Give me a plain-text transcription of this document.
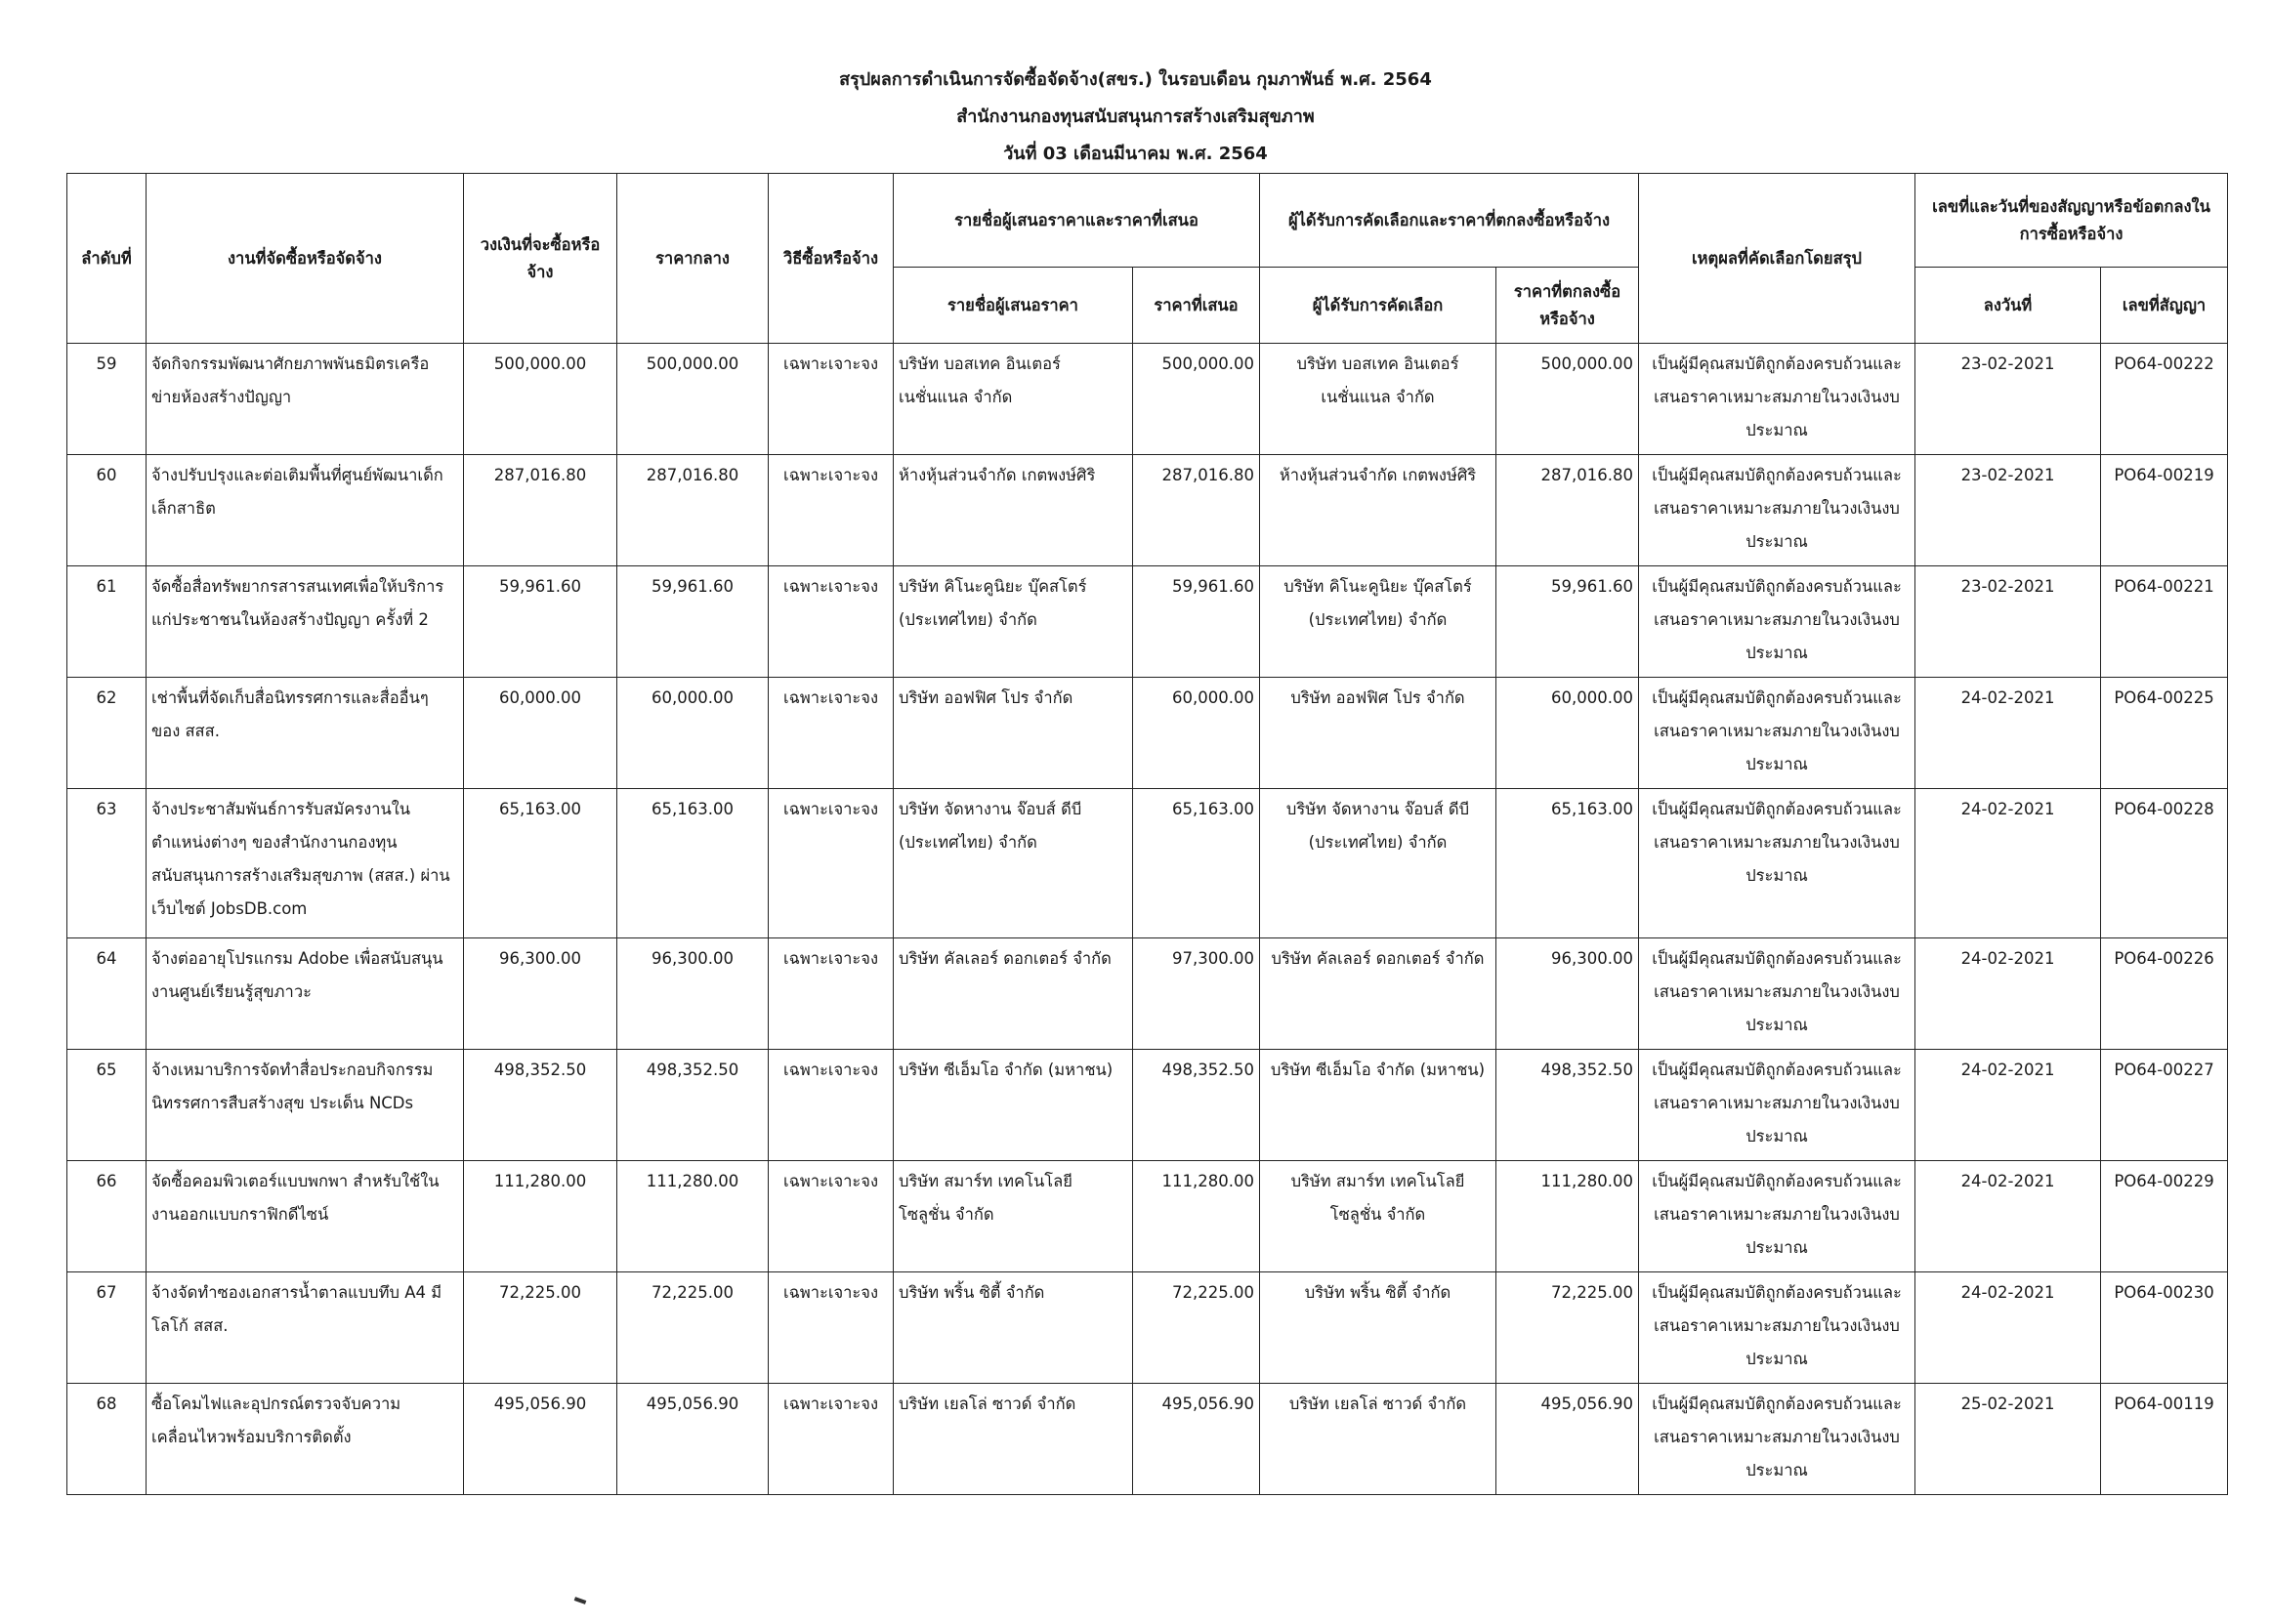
สรุปผลการดำเนินการจัดซื้อจัดจ้าง(สขร.) ในรอบเดือน กุมภาพันธ์ พ.ศ. 2564
สำนักงานกองทุนสนับสนุนการสร้างเสริมสุขภาพ
วันที่ 03 เดือนมีนาคม พ.ศ. 2564
ลำดับที่	งานที่จัดซื้อหรือจัดจ้าง	วงเงินที่จะซื้อหรือจ้าง	ราคากลาง	วิธีซื้อหรือจ้าง	รายชื่อผู้เสนอราคาและราคาที่เสนอ		ผู้ได้รับการคัดเลือกและราคาที่ตกลงซื้อหรือจ้าง		เหตุผลที่คัดเลือกโดยสรุป	เลขที่และวันที่ของสัญญาหรือข้อตกลงในการซื้อหรือจ้าง	
					รายชื่อผู้เสนอราคา	ราคาที่เสนอ	ผู้ได้รับการคัดเลือก	ราคาที่ตกลงซื้อหรือจ้าง		ลงวันที่	เลขที่สัญญา
59	จัดกิจกรรมพัฒนาศักยภาพพันธมิตรเครือข่ายห้องสร้างปัญญา	500,000.00	500,000.00	เฉพาะเจาะจง	บริษัท บอสเทค อินเตอร์เนชั่นแนล จำกัด	500,000.00	บริษัท บอสเทค อินเตอร์เนชั่นแนล จำกัด	500,000.00	เป็นผู้มีคุณสมบัติถูกต้องครบถ้วนและเสนอราคาเหมาะสมภายในวงเงินงบประมาณ	23-02-2021	PO64-00222
60	จ้างปรับปรุงและต่อเติมพื้นที่ศูนย์พัฒนาเด็กเล็กสาธิต	287,016.80	287,016.80	เฉพาะเจาะจง	ห้างหุ้นส่วนจำกัด เกตพงษ์ศิริ	287,016.80	ห้างหุ้นส่วนจำกัด เกตพงษ์ศิริ	287,016.80	เป็นผู้มีคุณสมบัติถูกต้องครบถ้วนและเสนอราคาเหมาะสมภายในวงเงินงบประมาณ	23-02-2021	PO64-00219
61	จัดซื้อสื่อทรัพยากรสารสนเทศเพื่อให้บริการแก่ประชาชนในห้องสร้างปัญญา ครั้งที่ 2	59,961.60	59,961.60	เฉพาะเจาะจง	บริษัท คิโนะคูนิยะ บุ๊คสโตร์ (ประเทศไทย) จำกัด	59,961.60	บริษัท คิโนะคูนิยะ บุ๊คสโตร์ (ประเทศไทย) จำกัด	59,961.60	เป็นผู้มีคุณสมบัติถูกต้องครบถ้วนและเสนอราคาเหมาะสมภายในวงเงินงบประมาณ	23-02-2021	PO64-00221
62	เช่าพื้นที่จัดเก็บสื่อนิทรรศการและสื่ออื่นๆ ของ สสส.	60,000.00	60,000.00	เฉพาะเจาะจง	บริษัท ออฟฟิศ โปร จำกัด	60,000.00	บริษัท ออฟฟิศ โปร จำกัด	60,000.00	เป็นผู้มีคุณสมบัติถูกต้องครบถ้วนและเสนอราคาเหมาะสมภายในวงเงินงบประมาณ	24-02-2021	PO64-00225
63	จ้างประชาสัมพันธ์การรับสมัครงานในตำแหน่งต่างๆ ของสำนักงานกองทุนสนับสนุนการสร้างเสริมสุขภาพ (สสส.) ผ่านเว็บไซต์ JobsDB.com	65,163.00	65,163.00	เฉพาะเจาะจง	บริษัท จัดหางาน จ๊อบส์ ดีบี (ประเทศไทย) จำกัด	65,163.00	บริษัท จัดหางาน จ๊อบส์ ดีบี (ประเทศไทย) จำกัด	65,163.00	เป็นผู้มีคุณสมบัติถูกต้องครบถ้วนและเสนอราคาเหมาะสมภายในวงเงินงบประมาณ	24-02-2021	PO64-00228
64	จ้างต่ออายุโปรแกรม Adobe เพื่อสนับสนุนงานศูนย์เรียนรู้สุขภาวะ	96,300.00	96,300.00	เฉพาะเจาะจง	บริษัท คัลเลอร์ ดอกเตอร์ จำกัด	97,300.00	บริษัท คัลเลอร์ ดอกเตอร์ จำกัด	96,300.00	เป็นผู้มีคุณสมบัติถูกต้องครบถ้วนและเสนอราคาเหมาะสมภายในวงเงินงบประมาณ	24-02-2021	PO64-00226
65	จ้างเหมาบริการจัดทำสื่อประกอบกิจกรรมนิทรรศการสืบสร้างสุข ประเด็น NCDs	498,352.50	498,352.50	เฉพาะเจาะจง	บริษัท ซีเอ็มโอ จำกัด (มหาชน)	498,352.50	บริษัท ซีเอ็มโอ จำกัด (มหาชน)	498,352.50	เป็นผู้มีคุณสมบัติถูกต้องครบถ้วนและเสนอราคาเหมาะสมภายในวงเงินงบประมาณ	24-02-2021	PO64-00227
66	จัดซื้อคอมพิวเตอร์แบบพกพา สำหรับใช้ในงานออกแบบกราฟิกดีไซน์	111,280.00	111,280.00	เฉพาะเจาะจง	บริษัท สมาร์ท เทคโนโลยี โซลูชั่น จำกัด	111,280.00	บริษัท สมาร์ท เทคโนโลยี โซลูชั่น จำกัด	111,280.00	เป็นผู้มีคุณสมบัติถูกต้องครบถ้วนและเสนอราคาเหมาะสมภายในวงเงินงบประมาณ	24-02-2021	PO64-00229
67	จ้างจัดทำซองเอกสารน้ำตาลแบบทึบ A4 มีโลโก้ สสส.	72,225.00	72,225.00	เฉพาะเจาะจง	บริษัท พริ้น ซิตี้ จำกัด	72,225.00	บริษัท พริ้น ซิตี้ จำกัด	72,225.00	เป็นผู้มีคุณสมบัติถูกต้องครบถ้วนและเสนอราคาเหมาะสมภายในวงเงินงบประมาณ	24-02-2021	PO64-00230
68	ซื้อโคมไฟและอุปกรณ์ตรวจจับความเคลื่อนไหวพร้อมบริการติดตั้ง	495,056.90	495,056.90	เฉพาะเจาะจง	บริษัท เยลโล่ ซาวด์ จำกัด	495,056.90	บริษัท เยลโล่ ซาวด์ จำกัด	495,056.90	เป็นผู้มีคุณสมบัติถูกต้องครบถ้วนและเสนอราคาเหมาะสมภายในวงเงินงบประมาณ	25-02-2021	PO64-00119
